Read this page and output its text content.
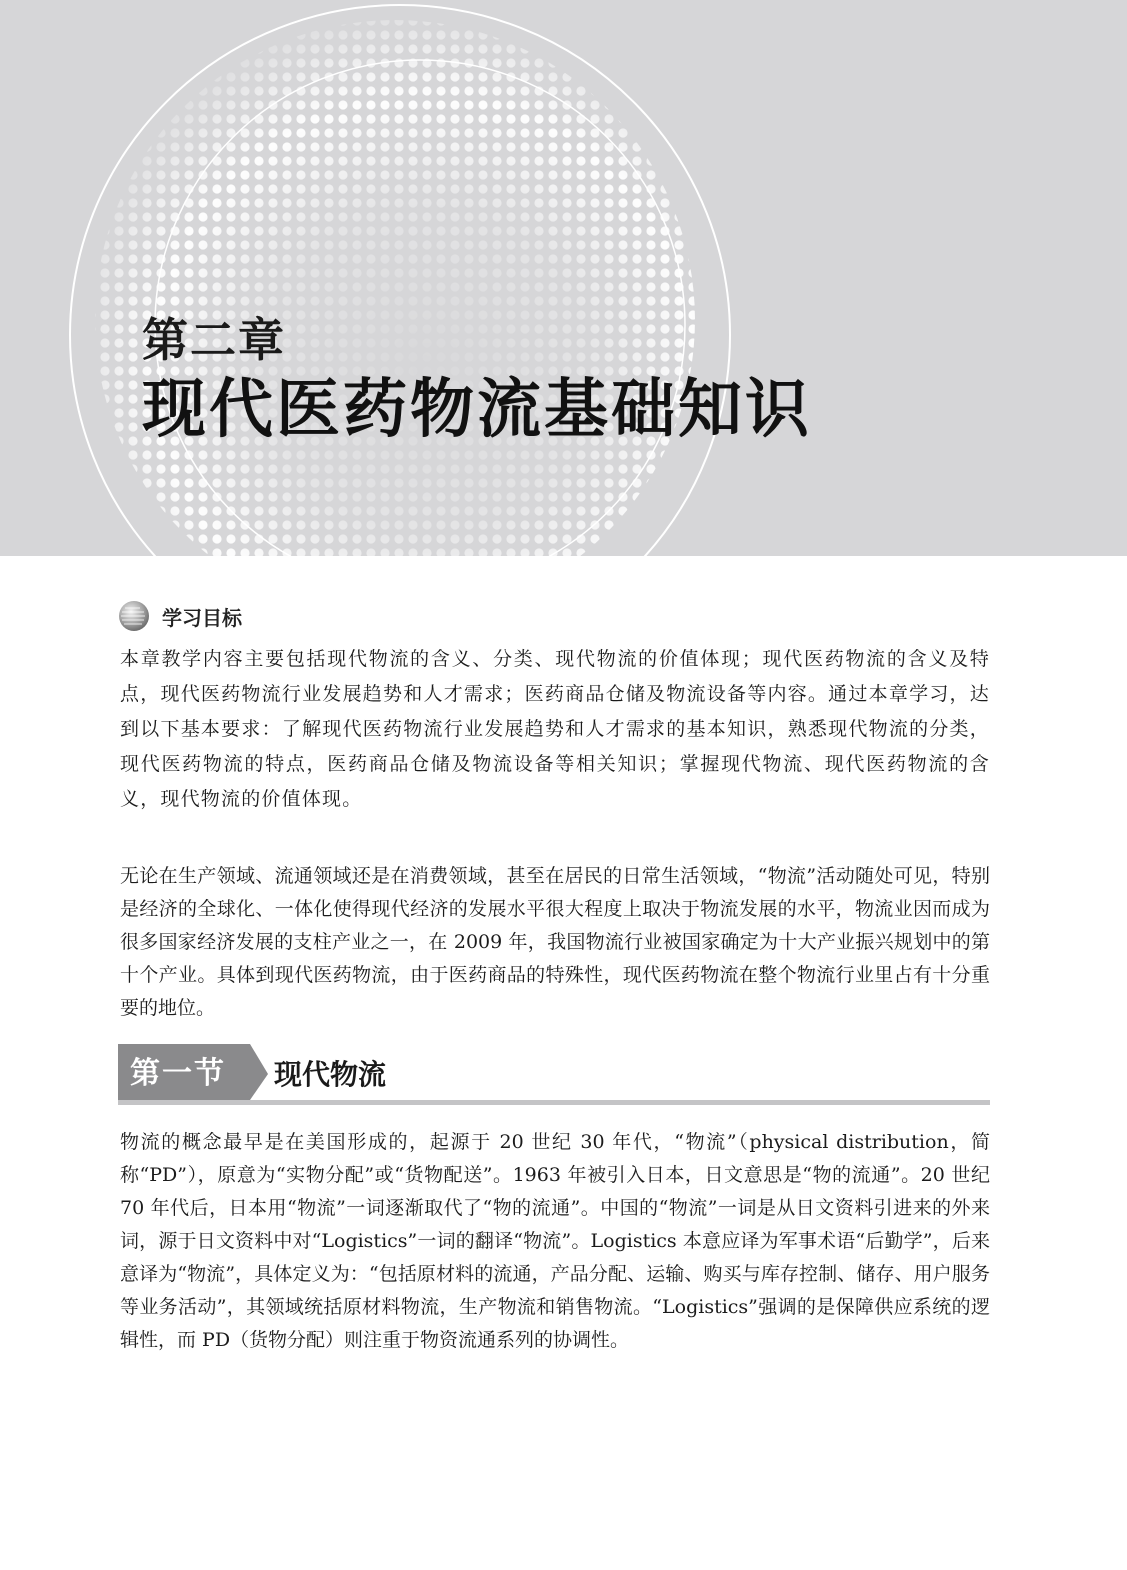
第二章
现代医药物流基础知识
学习目标

本章教学内容主要包括现代物流的含义、分类、现代物流的价值体现；现代医药物流的含义及特点，现代医药物流行业发展趋势和人才需求；医药商品仓储及物流设备等内容。通过本章学习，达到以下基本要求：了解现代医药物流行业发展趋势和人才需求的基本知识，熟悉现代物流的分类，现代医药物流的特点，医药商品仓储及物流设备等相关知识；掌握现代物流、现代医药物流的含义，现代物流的价值体现。

无论在生产领域、流通领域还是在消费领域，甚至在居民的日常生活领域，“物流”活动随处可见，特别是经济的全球化、一体化使得现代经济的发展水平很大程度上取决于物流发展的水平，物流业因而成为很多国家经济发展的支柱产业之一，在 2009 年，我国物流行业被国家确定为十大产业振兴规划中的第十个产业。具体到现代医药物流，由于医药商品的特殊性，现代医药物流在整个物流行业里占有十分重要的地位。

第一节 现代物流

物流的概念最早是在美国形成的，起源于 20 世纪 30 年代，“物流”（physical distribution，简称“PD”），原意为“实物分配”或“货物配送”。1963 年被引入日本，日文意思是“物的流通”。20 世纪 70 年代后，日本用“物流”一词逐渐取代了“物的流通”。中国的“物流”一词是从日文资料引进来的外来词，源于日文资料中对“Logistics”一词的翻译“物流”。Logistics 本意应译为军事术语“后勤学”，后来意译为“物流”，具体定义为：“包括原材料的流通，产品分配、运输、购买与库存控制、储存、用户服务等业务活动”，其领域统括原材料物流，生产物流和销售物流。“Logistics”强调的是保障供应系统的逻辑性，而 PD（货物分配）则注重于物资流通系列的协调性。
